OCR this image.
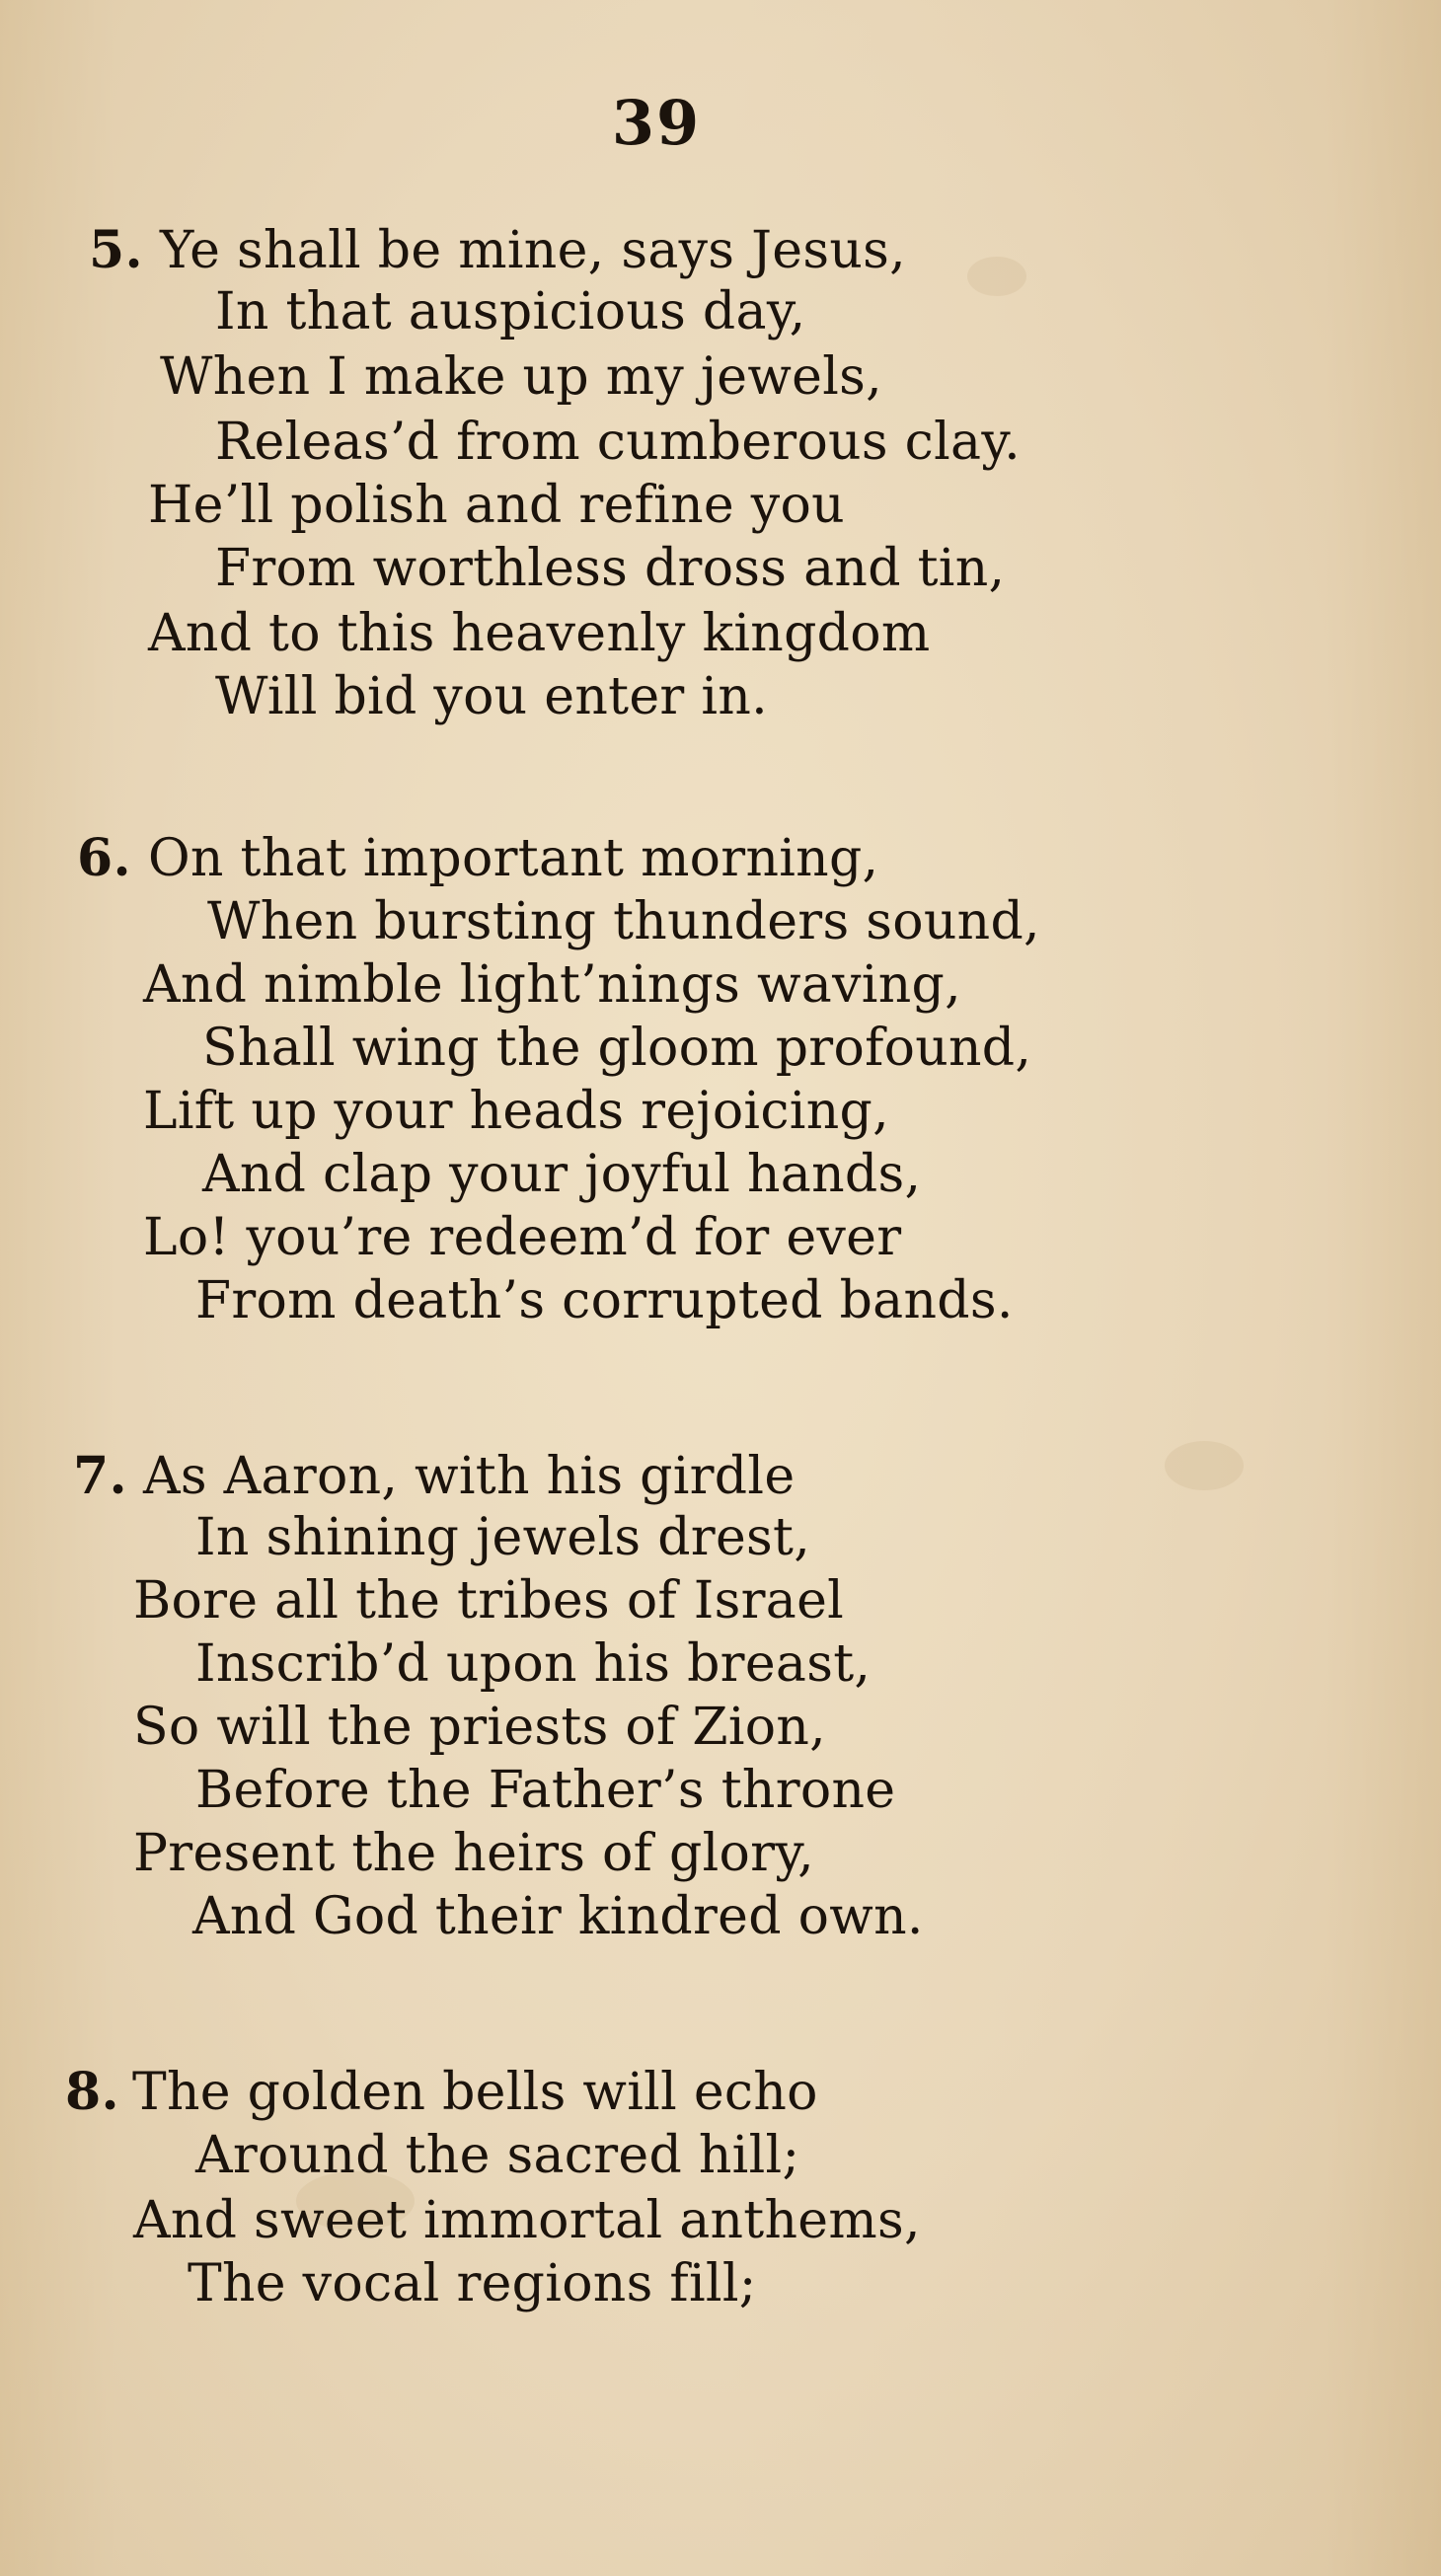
39
5. Ye shall be mine, says Jesus,
In that auspicious day,
When I make up my jewels,
Releas’d from cumberous clay.
He’ll polish and refine you
From worthless dross and tin,
And to this heavenly kingdom
Will bid you enter in.
6. On that important morning,
When bursting thunders sound,
And nimble light’nings waving,
Shall wing the gloom profound,
Lift up your heads rejoicing,
And clap your joyful hands,
Lo! you’re redeem’d for ever
From death’s corrupted bands.
7. As Aaron, with his girdle
In shining jewels drest,
Bore all the tribes of Israel
Inscrib’d upon his breast,
So will the priests of Zion,
Before the Father’s throne
Present the heirs of glory,
And God their kindred own.
8. The golden bells will echo
Around the sacred hill;
And sweet immortal anthems,
The vocal regions fill;
